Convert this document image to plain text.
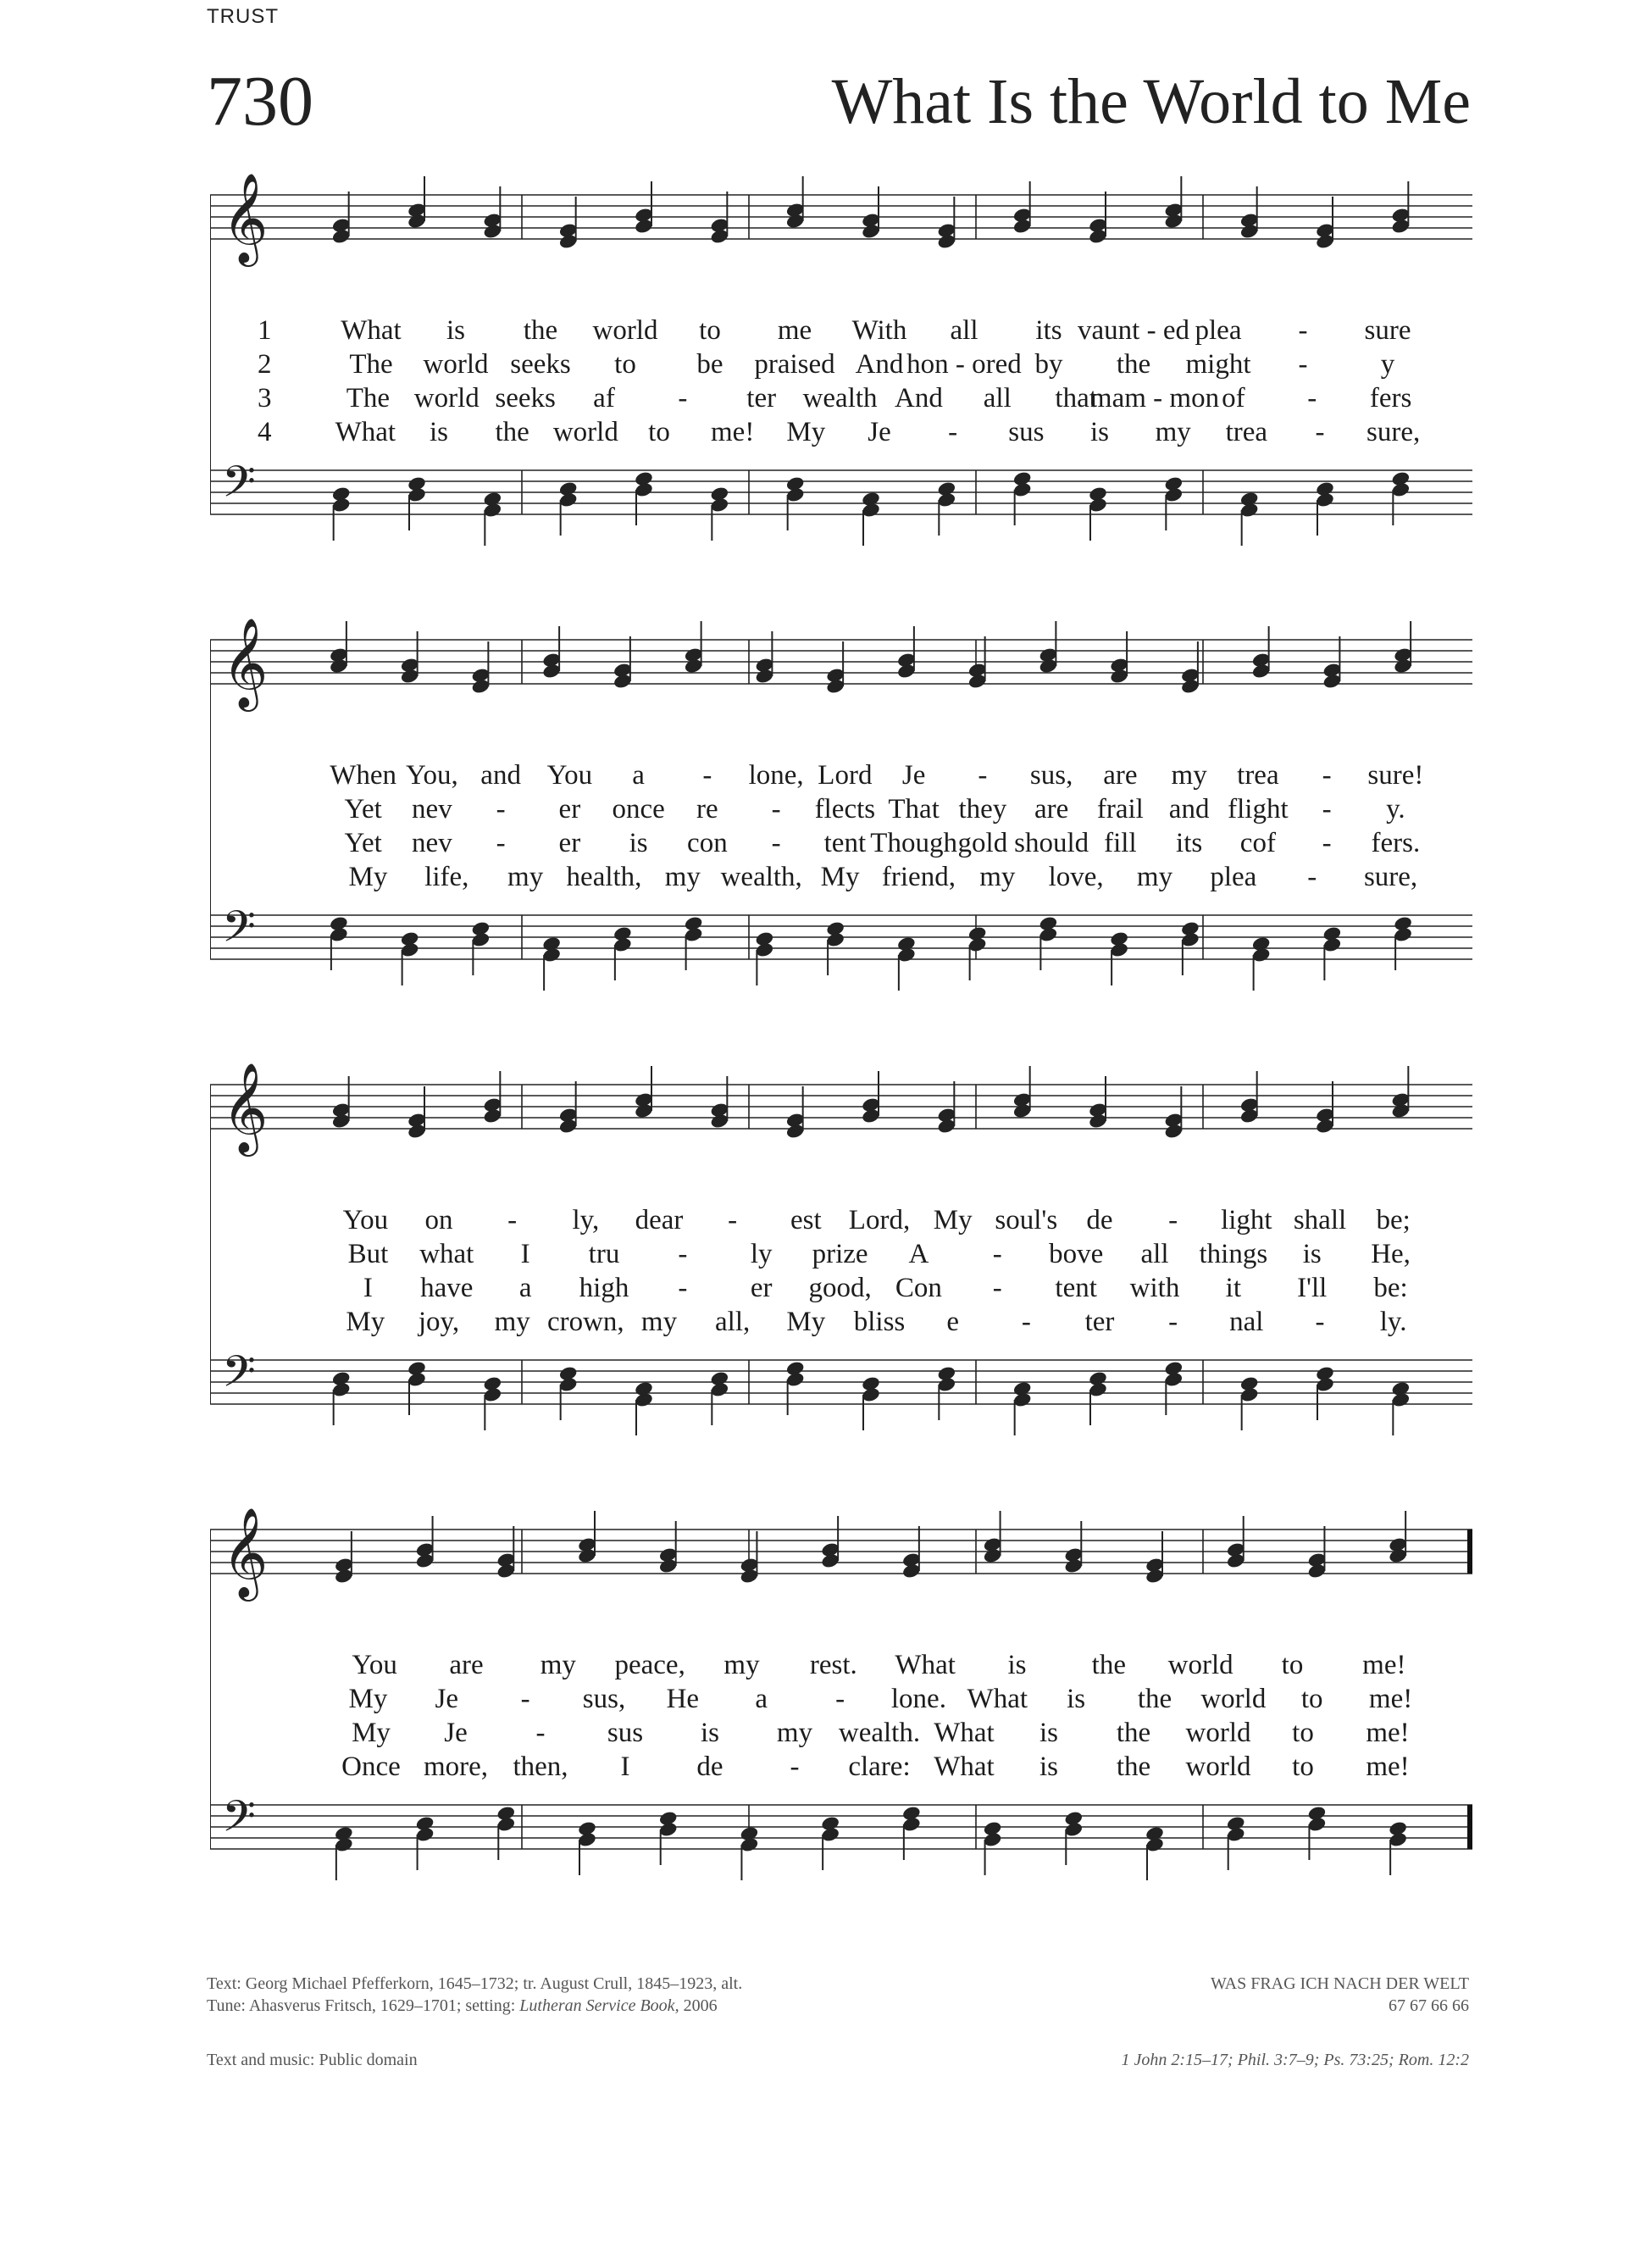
TRUST
730	What Is the World to Me
𝄞
𝄢
1 What is the world to me With all its vaunt - ed plea - sure
2	The world seeks to be praised And hon - ored by the might -	y
3	The world seeks af - ter wealth And all that
mam - mon of - fers
4 What is the world to me! My Je - sus is my trea - sure,
𝄞
𝄢
When You, and You a - lone, Lord Je - sus, are my trea - sure!
Yet nev - er once re - flects That they are frail and flight - y.
Yet nev - er is con - tent Though gold should fill its cof - fers.
My life, my health, my wealth, My friend, my love, my plea - sure,
𝄞
𝄢
You on - ly, dear - est Lord, My soul's de - light shall be;
But what I tru - ly prize A - bove all things is He,
I have a high - er good, Con - tent with it I'll be:
My joy, my crown, my all, My bliss e - ter - nal - ly.
𝄞
𝄢
You are my peace, my rest. What is the world to me!
My Je - sus, He a - lone. What is the world to me!
My Je - sus is my wealth. What is the world to me!
Once more, then, I de - clare: What is the world to me!
Text: Georg Michael Pfefferkorn, 1645–1732; tr. August Crull, 1845–1923, alt.
Tune: Ahasverus Fritsch, 1629–1701; setting: Lutheran Service Book, 2006
WAS FRAG ICH NACH DER WELT
67 67 66 66
Text and music: Public domain	1 John 2:15–17; Phil. 3:7–9; Ps. 73:25; Rom. 12:2
